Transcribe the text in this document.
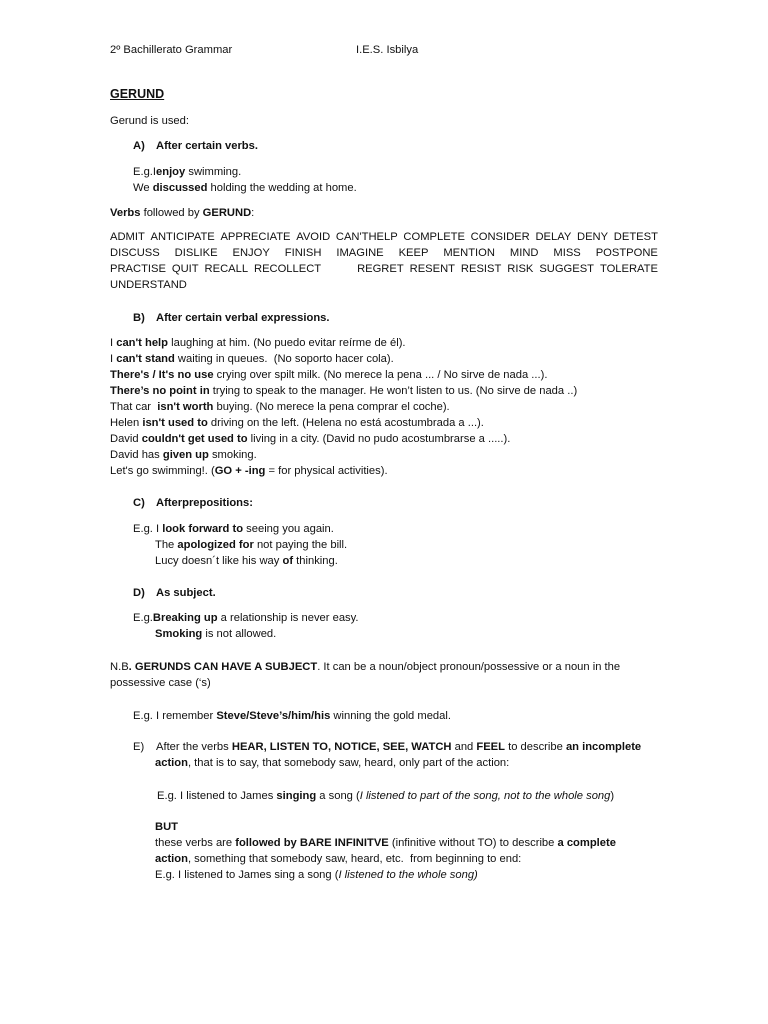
2º Bachillerato Grammar	I.E.S. Isbilya
GERUND
Gerund is used:
A) After certain verbs.
E.g.Ienjoy swimming.
We discussed holding the wedding at home.
Verbs followed by GERUND:
ADMIT ANTICIPATE APPRECIATE AVOID CAN'THELP COMPLETE CONSIDER DELAY DENY DETEST
DISCUSS DISLIKE ENJOY FINISH IMAGINE KEEP MENTION MIND MISS POSTPONE
PRACTISE QUIT RECALL RECOLLECT	REGRET RESENT RESIST RISK SUGGEST TOLERATE
UNDERSTAND
B) After certain verbal expressions.
I can't help laughing at him. (No puedo evitar reírme de él).
I can't stand waiting in queues.  (No soporto hacer cola).
There's / It's no use crying over spilt milk. (No merece la pena ... / No sirve de nada ...).
There’s no point in trying to speak to the manager. He won’t listen to us. (No sirve de nada ..)
That car  isn't worth buying. (No merece la pena comprar el coche).
Helen isn't used to driving on the left. (Helena no está acostumbrada a ...).
David couldn't get used to living in a city. (David no pudo acostumbrarse a .....).
David has given up smoking.
Let's go swimming!. (GO + -ing = for physical activities).
C) Afterprepositions:
E.g. I look forward to seeing you again.
The apologized for not paying the bill.
Lucy doesn´t like his way of thinking.
D) As subject.
E.g.Breaking up a relationship is never easy.
Smoking is not allowed.
N.B. GERUNDS CAN HAVE A SUBJECT. It can be a noun/object pronoun/possessive or a noun in the
possessive case (‘s)
E.g. I remember Steve/Steve’s/him/his winning the gold medal.
E) After the verbs HEAR, LISTEN TO, NOTICE, SEE, WATCH and FEEL to describe an incomplete
action, that is to say, that somebody saw, heard, only part of the action:
E.g. I listened to James singing a song (I listened to part of the song, not to the whole song)
BUT
these verbs are followed by BARE INFINITVE (infinitive without TO) to describe a complete
action, something that somebody saw, heard, etc.  from beginning to end:
E.g. I listened to James sing a song (I listened to the whole song)
